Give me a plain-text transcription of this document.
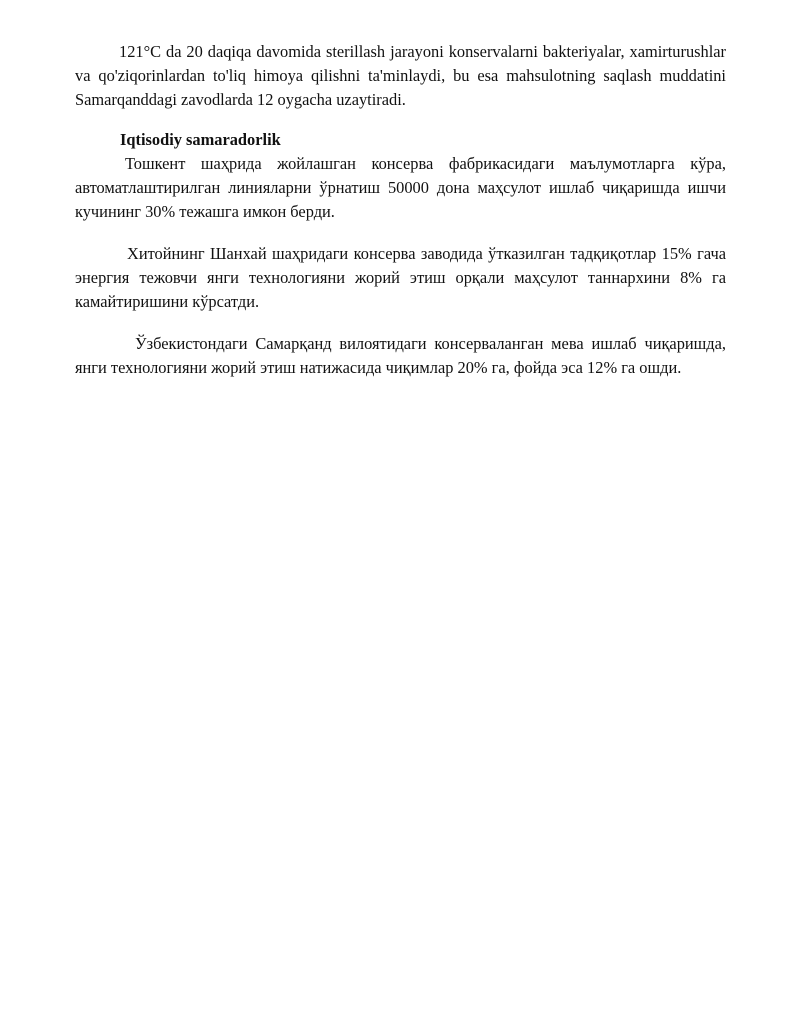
121°C da 20 daqiqa davomida sterillash jarayoni konservalarni bakteriyalar, xamirturushlar va qo'ziqorinlardan to'liq himoya qilishni ta'minlaydi, bu esa mahsulotning saqlash muddatini Samarqanddagi zavodlarda 12 oygacha uzaytiradi.

Iqtisodiy samaradorlik

Тошкент шаҳрида жойлашган консерва фабрикасидаги маълумотларга кўра, автоматлаштирилган линияларни ўрнатиш 50000 дона маҳсулот ишлаб чиқаришда ишчи кучининг 30% тежашга имкон берди.

Хитойнинг Шанхай шаҳридаги консерва заводида ўтказилган тадқиқотлар 15% гача энергия тежовчи янги технологияни жорий этиш орқали маҳсулот таннархини 8% га камайтиришини кўрсатди.

Ўзбекистондаги Самарқанд вилоятидаги консерваланган мева ишлаб чиқаришда, янги технологияни жорий этиш натижасида чиқимлар 20% га, фойда эса 12% га ошди.
